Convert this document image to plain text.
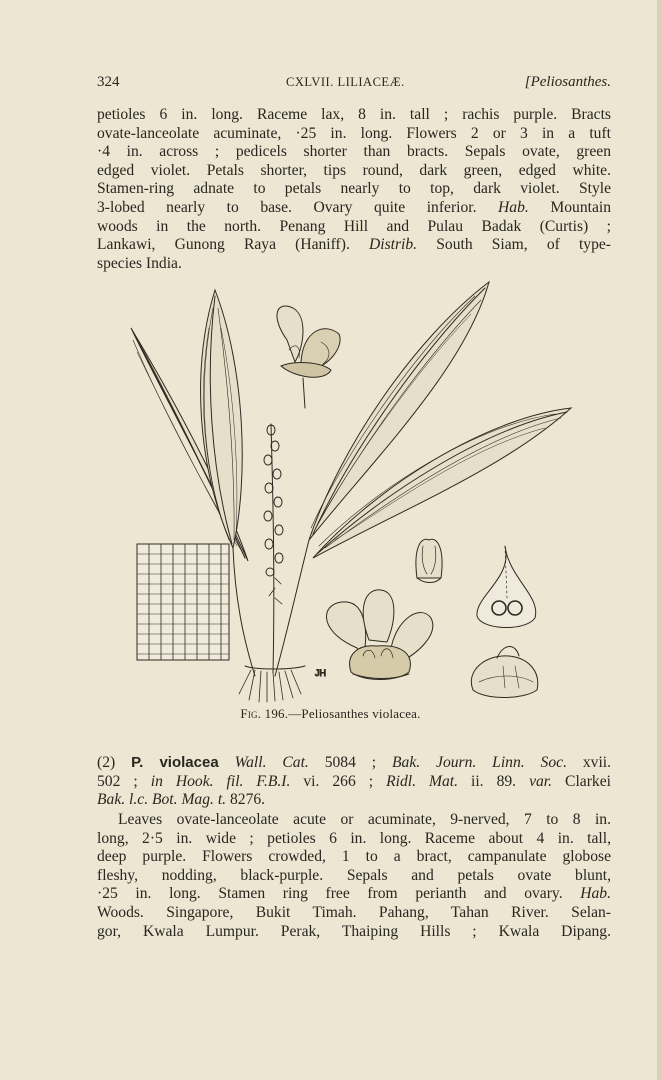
324	CXLVII. LILIACEÆ.	[Peliosanthes.
petioles 6 in. long. Raceme lax, 8 in. tall ; rachis purple. Bracts
ovate-lanceolate acuminate, ·25 in. long. Flowers 2 or 3 in a tuft
·4 in. across ; pedicels shorter than bracts. Sepals ovate, green
edged violet. Petals shorter, tips round, dark green, edged white.
Stamen-ring adnate to petals nearly to top, dark violet. Style
3-lobed nearly to base. Ovary quite inferior. Hab. Mountain
woods in the north. Penang Hill and Pulau Badak (Curtis) ;
Lankawi, Gunong Raya (Haniff). Distrib. South Siam, of type-
species India.
JH
Fig. 196.—Peliosanthes violacea.
(2) P. violacea Wall. Cat. 5084 ; Bak. Journ. Linn. Soc. xvii.
502 ; in Hook. fil. F.B.I. vi. 266 ; Ridl. Mat. ii. 89. var. Clarkei
Bak. l.c. Bot. Mag. t. 8276.
Leaves ovate-lanceolate acute or acuminate, 9-nerved, 7 to 8 in.
long, 2·5 in. wide ; petioles 6 in. long. Raceme about 4 in. tall,
deep purple. Flowers crowded, 1 to a bract, campanulate globose
fleshy, nodding, black-purple. Sepals and petals ovate blunt,
·25 in. long. Stamen ring free from perianth and ovary. Hab.
Woods. Singapore, Bukit Timah. Pahang, Tahan River. Selan-
gor, Kwala Lumpur. Perak, Thaiping Hills ; Kwala Dipang.
